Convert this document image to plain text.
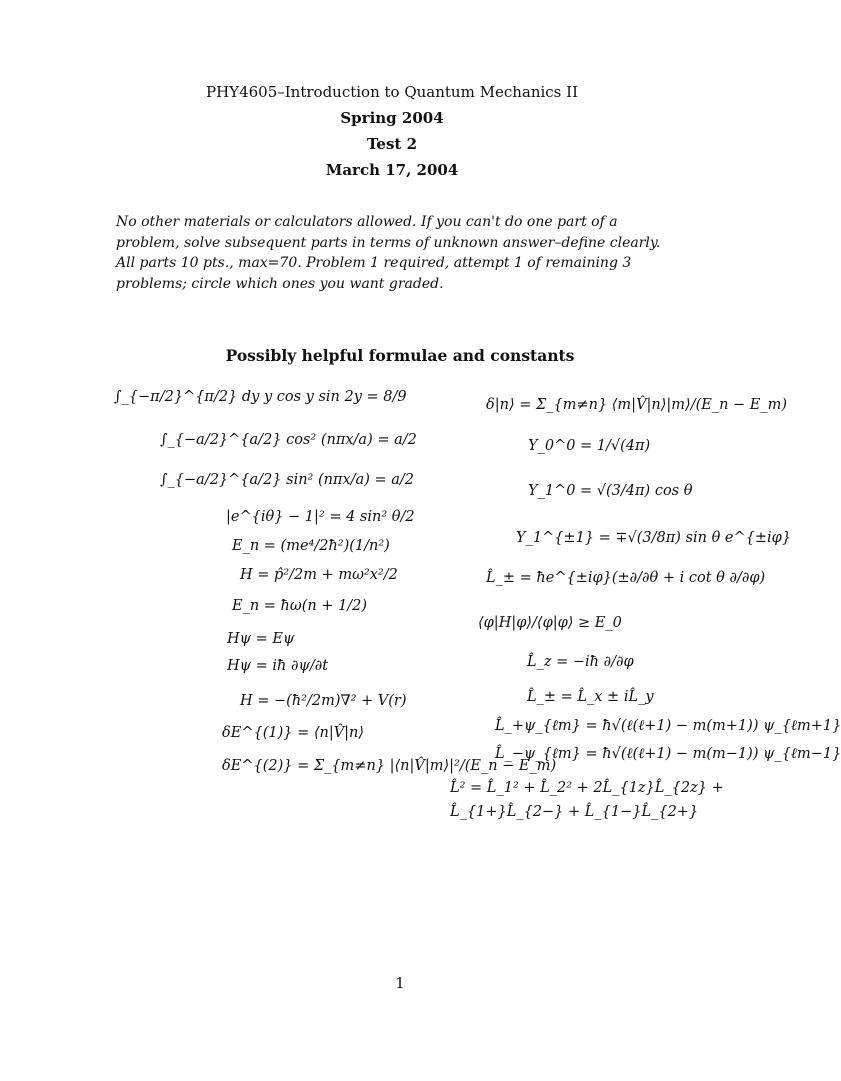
PHY4605–Introduction to Quantum Mechanics II
Spring 2004
Test 2
March 17, 2004
No other materials or calculators allowed. If you can't do one part of a problem, solve subsequent parts in terms of unknown answer–define clearly. All parts 10 pts., max=70. Problem 1 required, attempt 1 of remaining 3 problems; circle which ones you want graded.
Possibly helpful formulae and constants
∫_{−π/2}^{π/2} dy y cos y sin 2y = 8/9
∫_{−a/2}^{a/2} cos² (nπx/a) = a/2
∫_{−a/2}^{a/2} sin² (nπx/a) = a/2
|e^{iθ} − 1|² = 4 sin² θ/2
E_n = (me⁴/2ħ²)(1/n²)
H = p̂²/2m + mω²x²/2
E_n = ħω(n + 1/2)
Hψ = Eψ
Hψ = iħ ∂ψ/∂t
H = −(ħ²/2m)∇² + V(r)
δE^{(1)} = ⟨n|V̂|n⟩
δE^{(2)} = Σ_{m≠n} |⟨n|V̂|m⟩|²/(E_n − E_m)
δ|n⟩ = Σ_{m≠n} ⟨m|V̂|n⟩|m⟩/(E_n − E_m)
Y_0^0 = 1/√(4π)
Y_1^0 = √(3/4π) cos θ
Y_1^{±1} = ∓√(3/8π) sin θ e^{±iφ}
L̂_± = ħe^{±iφ}(±∂/∂θ + i cot θ ∂/∂φ)
⟨φ|H|φ⟩/⟨φ|φ⟩ ≥ E_0
L̂_z = −iħ ∂/∂φ
L̂_± = L̂_x ± iL̂_y
L̂_+ψ_{ℓm} = ħ√(ℓ(ℓ+1) − m(m+1)) ψ_{ℓm+1}
L̂_−ψ_{ℓm} = ħ√(ℓ(ℓ+1) − m(m−1)) ψ_{ℓm−1}
L̂² = L̂_1² + L̂_2² + 2L̂_{1z}L̂_{2z} + L̂_{1+}L̂_{2−} + L̂_{1−}L̂_{2+}
1
